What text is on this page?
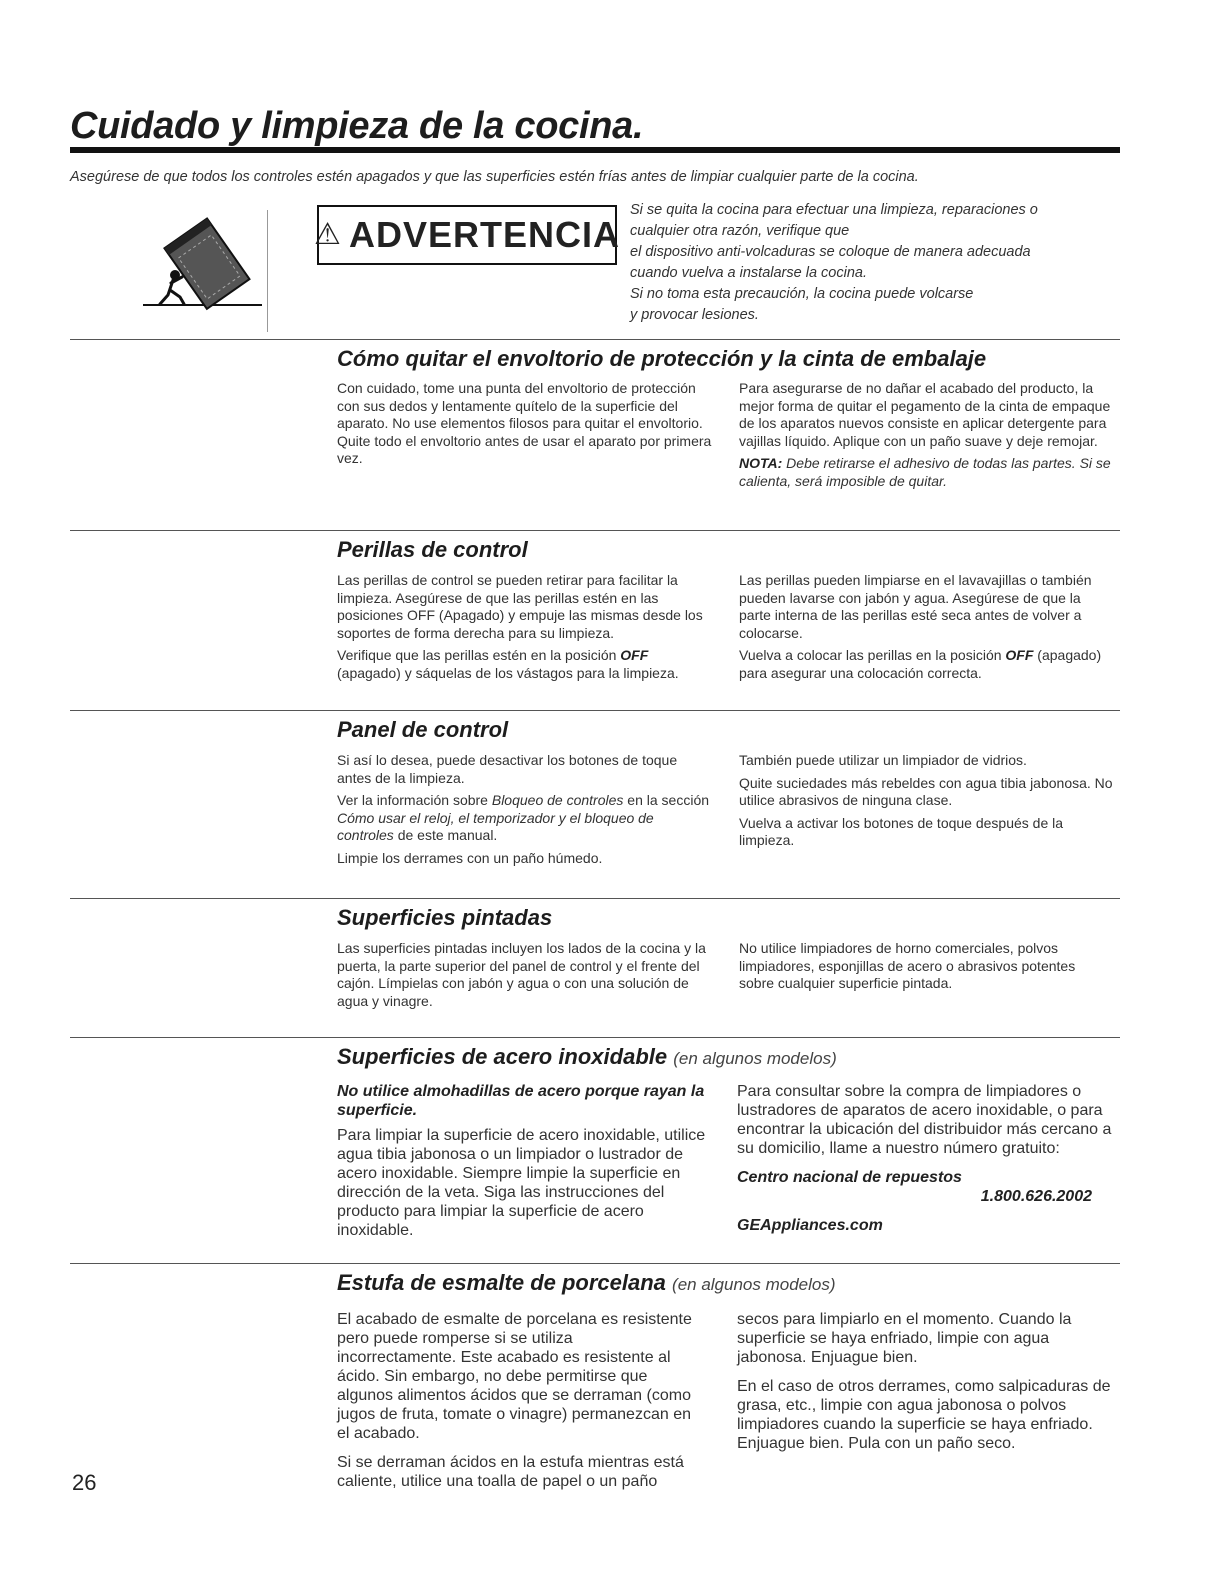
Cuidado y limpieza de la cocina.

Asegúrese de que todos los controles estén apagados y que las superficies estén frías antes de limpiar cualquier parte de la cocina.

⚠ ADVERTENCIA

Si se quita la cocina para efectuar una limpieza, reparaciones o

cualquier otra razón, verifique que

el dispositivo anti-volcaduras se coloque de manera adecuada

cuando vuelva a instalarse la cocina.

Si no toma esta precaución, la cocina puede volcarse

y provocar lesiones.

Cómo quitar el envoltorio de protección y la cinta de embalaje

Con cuidado, tome una punta del envoltorio de protección con sus dedos y lentamente quítelo de la superficie del aparato. No use elementos filosos para quitar el envoltorio. Quite todo el envoltorio antes de usar el aparato por primera vez.

Para asegurarse de no dañar el acabado del producto, la mejor forma de quitar el pegamento de la cinta de empaque de los aparatos nuevos consiste en aplicar detergente para vajillas líquido. Aplique con un paño suave y deje remojar.

NOTA: Debe retirarse el adhesivo de todas las partes. Si se calienta, será imposible de quitar.

Perillas de control

Las perillas de control se pueden retirar para facilitar la limpieza. Asegúrese de que las perillas estén en las posiciones OFF (Apagado) y empuje las mismas desde los soportes de forma derecha para su limpieza.

Verifique que las perillas estén en la posición OFF (apagado) y sáquelas de los vástagos para la limpieza.

Las perillas pueden limpiarse en el lavavajillas o también pueden lavarse con jabón y agua. Asegúrese de que la parte interna de las perillas esté seca antes de volver a colocarse.

Vuelva a colocar las perillas en la posición OFF (apagado) para asegurar una colocación correcta.

Panel de control

Si así lo desea, puede desactivar los botones de toque antes de la limpieza.

Ver la información sobre Bloqueo de controles en la sección Cómo usar el reloj, el temporizador y el bloqueo de controles de este manual.

Limpie los derrames con un paño húmedo.

También puede utilizar un limpiador de vidrios.

Quite suciedades más rebeldes con agua tibia jabonosa. No utilice abrasivos de ninguna clase.

Vuelva a activar los botones de toque después de la limpieza.

Superficies pintadas

Las superficies pintadas incluyen los lados de la cocina y la puerta, la parte superior del panel de control y el frente del cajón. Límpielas con jabón y agua o con una solución de agua y vinagre.

No utilice limpiadores de horno comerciales, polvos limpiadores, esponjillas de acero o abrasivos potentes sobre cualquier superficie pintada.

Superficies de acero inoxidable (en algunos modelos)

No utilice almohadillas de acero porque rayan la superficie.

Para limpiar la superficie de acero inoxidable, utilice agua tibia jabonosa o un limpiador o lustrador de acero inoxidable. Siempre limpie la superficie en dirección de la veta. Siga las instrucciones del producto para limpiar la superficie de acero inoxidable.

Para consultar sobre la compra de limpiadores o lustradores de aparatos de acero inoxidable, o para encontrar la ubicación del distribuidor más cercano a su domicilio, llame a nuestro número gratuito:

Centro nacional de repuestos

1.800.626.2002

GEAppliances.com

Estufa de esmalte de porcelana (en algunos modelos)

El acabado de esmalte de porcelana es resistente pero puede romperse si se utiliza incorrectamente. Este acabado es resistente al ácido. Sin embargo, no debe permitirse que algunos alimentos ácidos que se derraman (como jugos de fruta, tomate o vinagre) permanezcan en el acabado.

Si se derraman ácidos en la estufa mientras está caliente, utilice una toalla de papel o un paño

secos para limpiarlo en el momento. Cuando la superficie se haya enfriado, limpie con agua jabonosa. Enjuague bien.

En el caso de otros derrames, como salpicaduras de grasa, etc., limpie con agua jabonosa o polvos limpiadores cuando la superficie se haya enfriado. Enjuague bien. Pula con un paño seco.

26
